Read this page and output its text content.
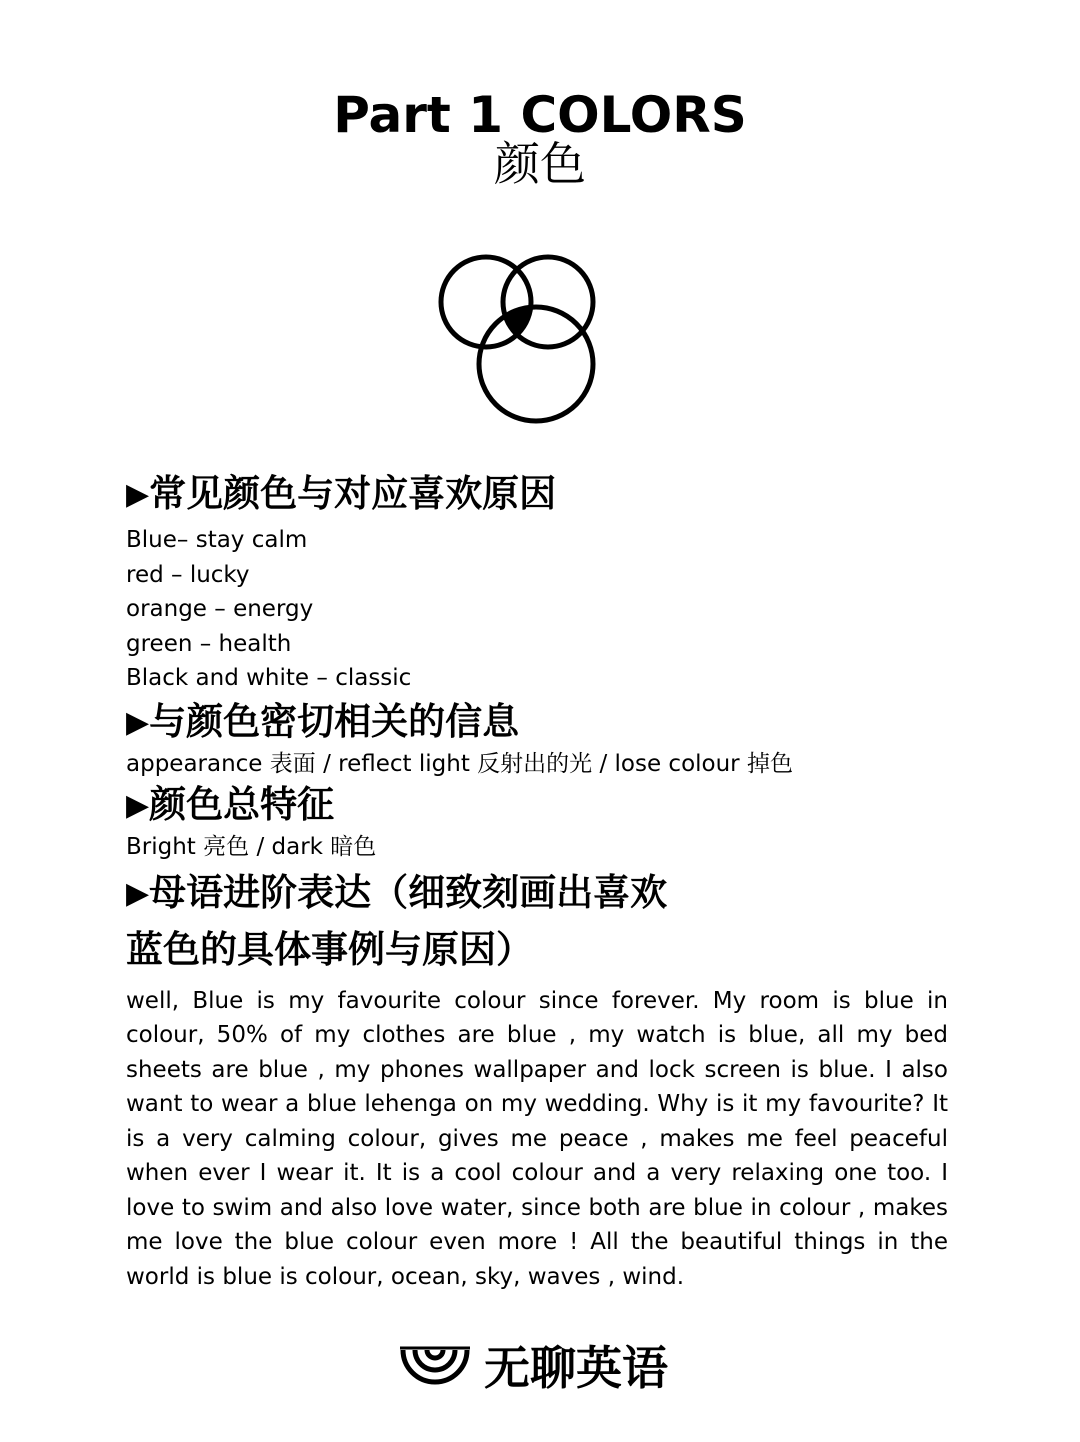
Part 1 COLORS
颜色
▶常见颜色与对应喜欢原因
Blue– stay calm
red – lucky
orange – energy
green – health
Black and white – classic
▶与颜色密切相关的信息
appearance 表面 / reflect light 反射出的光 / lose colour 掉色
▶颜色总特征
Bright 亮色 / dark 暗色
▶母语进阶表达（细致刻画出喜欢
蓝色的具体事例与原因）
well, Blue is my favourite colour since forever. My room is blue in colour, 50% of my clothes are blue , my watch is blue, all my bed sheets are blue , my phones wallpaper and lock screen is blue. I also want to wear a blue lehenga on my wedding. Why is it my favourite? It is a very calming colour, gives me peace , makes me feel peaceful when ever I wear it. It is a cool colour and a very relaxing one too. I love to swim and also love water, since both are blue in colour , makes me love the blue colour even more ! All the beautiful things in the world is blue is colour, ocean, sky, waves , wind.
无聊英语
